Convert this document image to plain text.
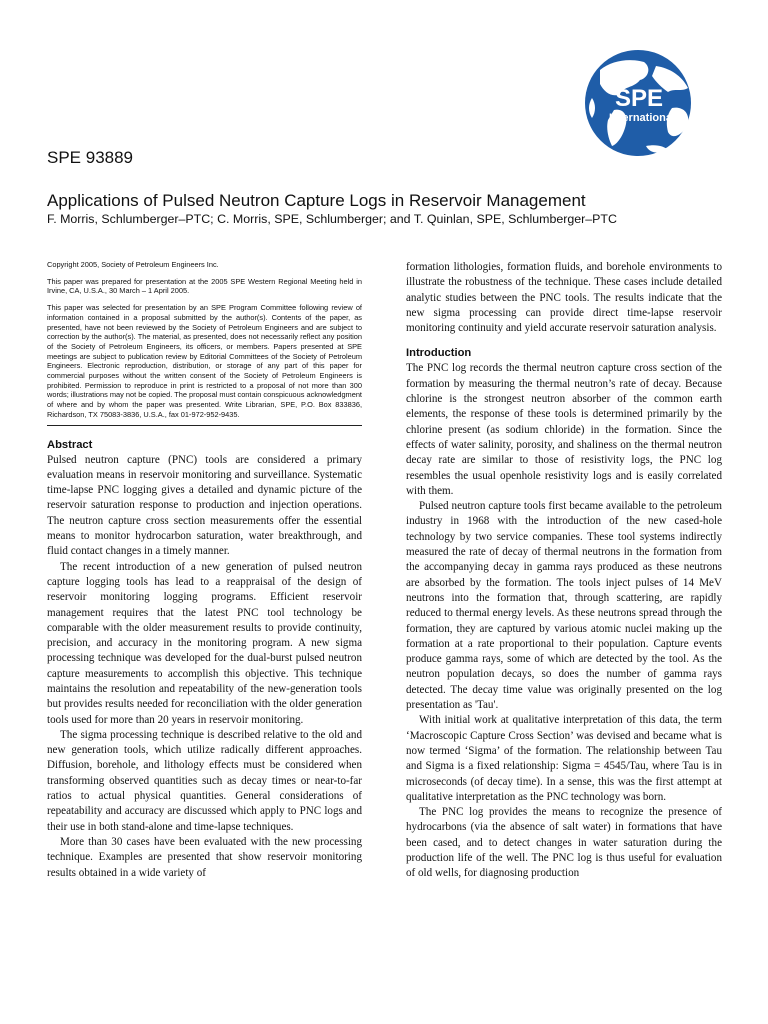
SPE
International
SPE 93889
Applications of Pulsed Neutron Capture Logs in Reservoir Management
F. Morris, Schlumberger–PTC; C. Morris, SPE, Schlumberger; and T. Quinlan, SPE, Schlumberger–PTC

Copyright 2005, Society of Petroleum Engineers Inc.

This paper was prepared for presentation at the 2005 SPE Western Regional Meeting held in Irvine, CA, U.S.A., 30 March – 1 April 2005.

This paper was selected for presentation by an SPE Program Committee following review of information contained in a proposal submitted by the author(s). Contents of the paper, as presented, have not been reviewed by the Society of Petroleum Engineers and are subject to correction by the author(s). The material, as presented, does not necessarily reflect any position of the Society of Petroleum Engineers, its officers, or members. Papers presented at SPE meetings are subject to publication review by Editorial Committees of the Society of Petroleum Engineers. Electronic reproduction, distribution, or storage of any part of this paper for commercial purposes without the written consent of the Society of Petroleum Engineers is prohibited. Permission to reproduce in print is restricted to a proposal of not more than 300 words; illustrations may not be copied. The proposal must contain conspicuous acknowledgment of where and by whom the paper was presented. Write Librarian, SPE, P.O. Box 833836, Richardson, TX 75083-3836, U.S.A., fax 01-972-952-9435.

Abstract

Pulsed neutron capture (PNC) tools are considered a primary evaluation means in reservoir monitoring and surveillance. Systematic time-lapse PNC logging gives a detailed and dynamic picture of the reservoir saturation response to production and injection operations. The neutron capture cross section measurements offer the essential means to monitor hydrocarbon saturation, water breakthrough, and fluid contact changes in a timely manner.

The recent introduction of a new generation of pulsed neutron capture logging tools has lead to a reappraisal of the design of reservoir monitoring logging programs. Efficient reservoir management requires that the latest PNC tool technology be comparable with the older measurement results to provide continuity, precision, and accuracy in the monitoring program. A new sigma processing technique was developed for the dual-burst pulsed neutron capture measurements to accomplish this objective. This technique maintains the resolution and repeatability of the new-generation tools but provides results needed for reconciliation with the older generation tools used for more than 20 years in reservoir monitoring.

The sigma processing technique is described relative to the old and new generation tools, which utilize radically different approaches. Diffusion, borehole, and lithology effects must be considered when transforming observed quantities such as decay times or near-to-far ratios to actual physical quantities. General considerations of repeatability and accuracy are discussed which apply to PNC logs and their use in both stand-alone and time-lapse techniques.

More than 30 cases have been evaluated with the new processing technique. Examples are presented that show reservoir monitoring results obtained in a wide variety of

formation lithologies, formation fluids, and borehole environments to illustrate the robustness of the technique. These cases include detailed analytic studies between the PNC tools. The results indicate that the new sigma processing can provide direct time-lapse reservoir monitoring continuity and yield accurate reservoir saturation analysis.

Introduction

The PNC log records the thermal neutron capture cross section of the formation by measuring the thermal neutron’s rate of decay. Because chlorine is the strongest neutron absorber of the common earth elements, the response of these tools is determined primarily by the chlorine present (as sodium chloride) in the formation. Since the effects of water salinity, porosity, and shaliness on the thermal neutron decay rate are similar to those of resistivity logs, the PNC log resembles the usual openhole resistivity logs and is easily correlated with them.

Pulsed neutron capture tools first became available to the petroleum industry in 1968 with the introduction of the new cased-hole technology by two service companies. These tool systems indirectly measured the rate of decay of thermal neutrons in the formation from the accompanying decay in gamma rays produced as these neutrons are absorbed by the formation. The tools inject pulses of 14 MeV neutrons into the formation that, through scattering, are rapidly reduced to thermal energy levels. As these neutrons spread through the formation, they are captured by various atomic nuclei making up the formation at a rate proportional to their population. Capture events produce gamma rays, some of which are detected by the tool. As the neutron population decays, so does the number of gamma rays detected. The decay time value was originally presented on the log presentation as 'Tau'.

With initial work at qualitative interpretation of this data, the term ‘Macroscopic Capture Cross Section’ was devised and became what is now termed ‘Sigma’ of the formation. The relationship between Tau and Sigma is a fixed relationship: Sigma = 4545/Tau, where Tau is in microseconds (of decay time). In a sense, this was the first attempt at qualitative interpretation as the PNC technology was born.

The PNC log provides the means to recognize the presence of hydrocarbons (via the absence of salt water) in formations that have been cased, and to detect changes in water saturation during the production life of the well. The PNC log is thus useful for evaluation of old wells, for diagnosing production
